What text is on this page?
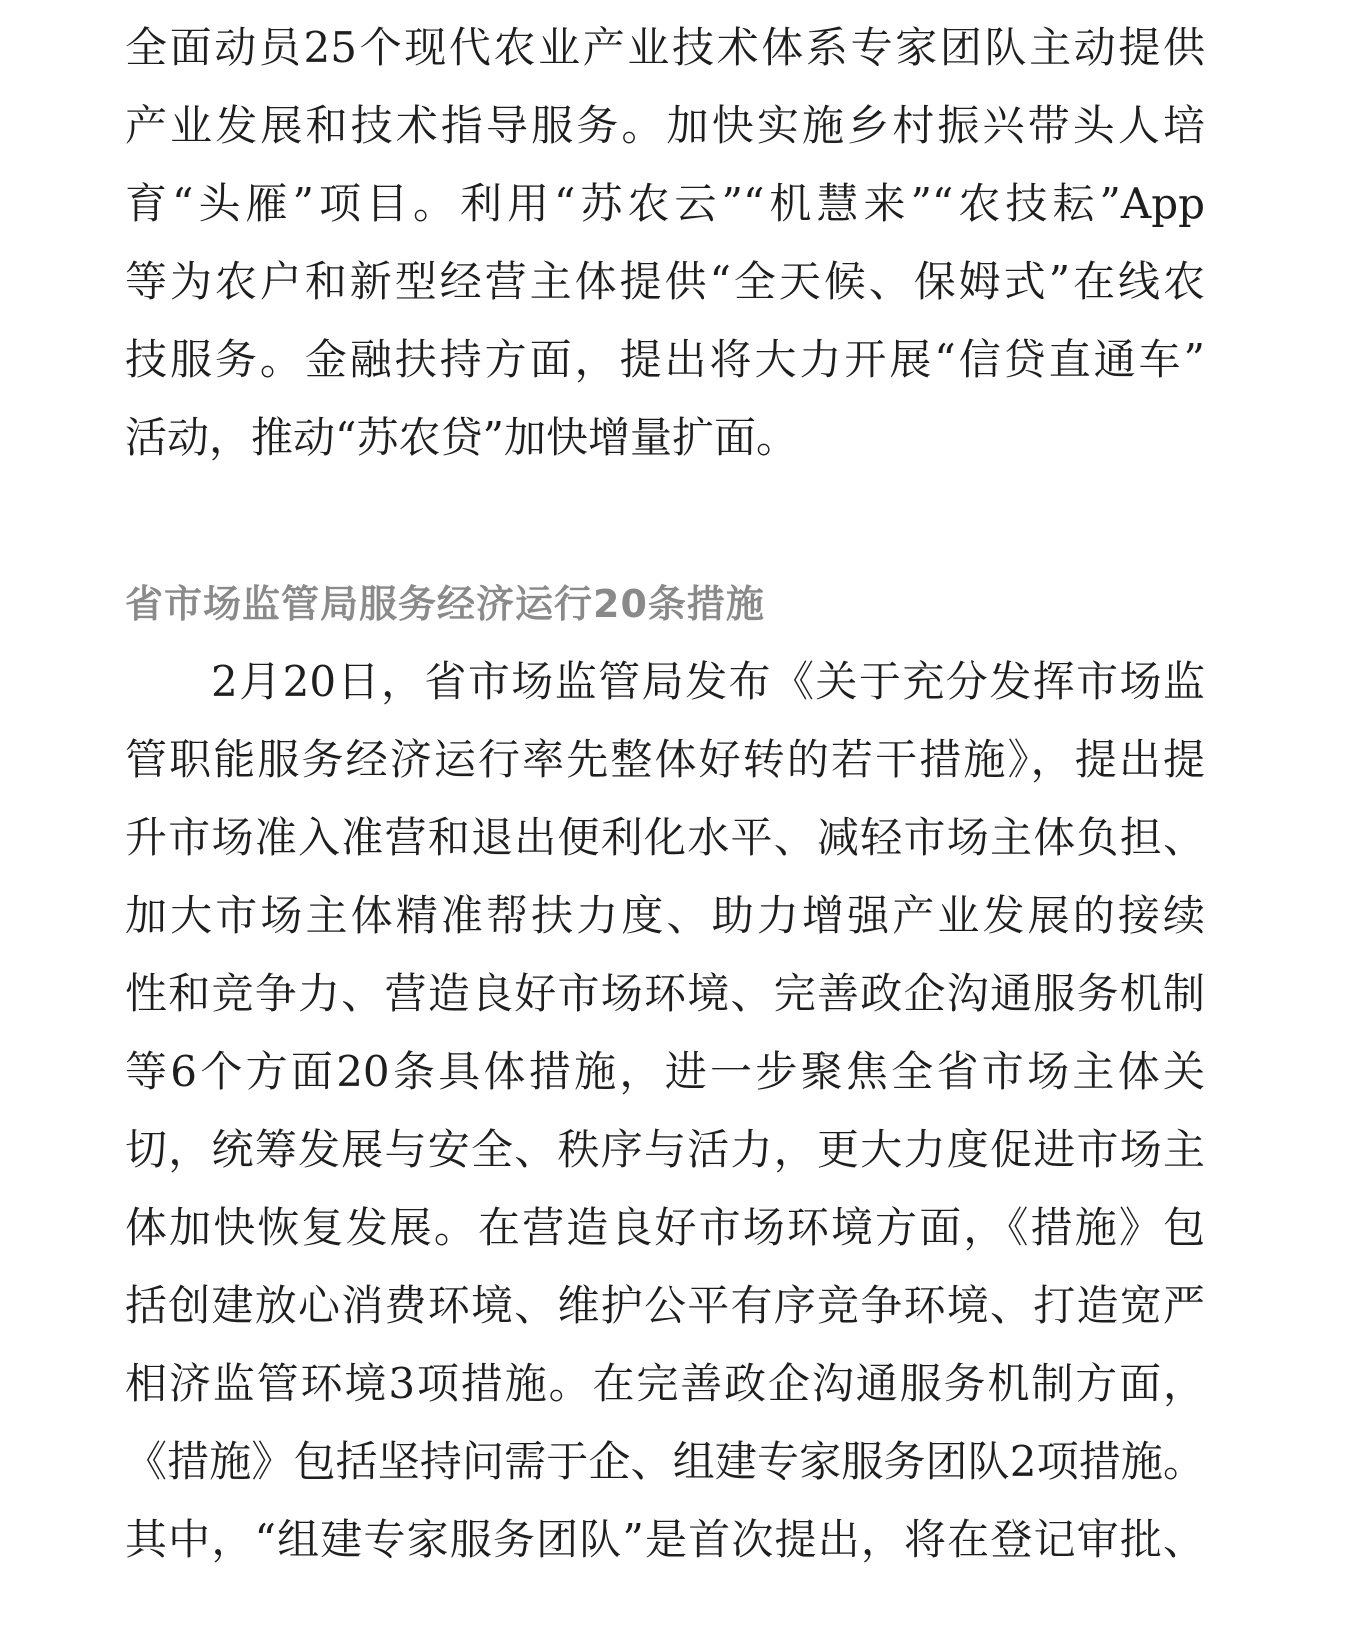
全面动员25个现代农业产业技术体系专家团队主动提供
产业发展和技术指导服务。加快实施乡村振兴带头人培
育“头雁”项目。利用“苏农云”“机慧来”“农技耘”App
等为农户和新型经营主体提供“全天候、保姆式”在线农
技服务。金融扶持方面，提出将大力开展“信贷直通车”
活动，推动“苏农贷”加快增量扩面。
省市场监管局服务经济运行20条措施
2月20日，省市场监管局发布《关于充分发挥市场监
管职能服务经济运行率先整体好转的若干措施》，提出提
升市场准入准营和退出便利化水平、减轻市场主体负担、
加大市场主体精准帮扶力度、助力增强产业发展的接续
性和竞争力、营造良好市场环境、完善政企沟通服务机制
等6个方面20条具体措施，进一步聚焦全省市场主体关
切，统筹发展与安全、秩序与活力，更大力度促进市场主
体加快恢复发展。在营造良好市场环境方面，《措施》包
括创建放心消费环境、维护公平有序竞争环境、打造宽严
相济监管环境3项措施。在完善政企沟通服务机制方面，
《措施》包括坚持问需于企、组建专家服务团队2项措施。
其中，“组建专家服务团队”是首次提出，将在登记审批、
